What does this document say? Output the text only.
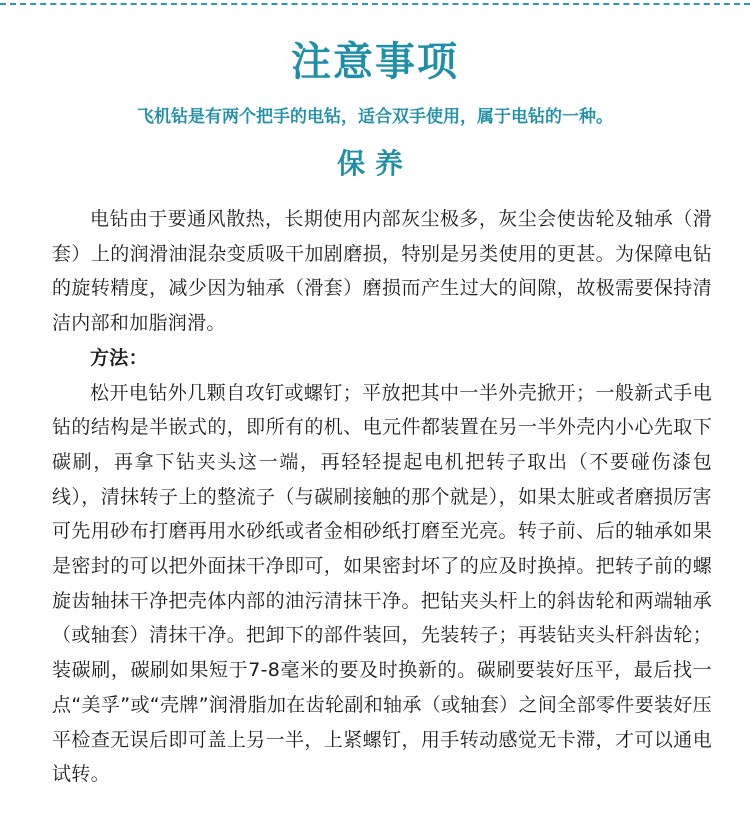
注意事项
飞机钻是有两个把手的电钻，适合双手使用，属于电钻的一种。
保养

电钻由于要通风散热，长期使用内部灰尘极多，灰尘会使齿轮及轴承（滑套）上的润滑油混杂变质吸干加剧磨损，特别是另类使用的更甚。为保障电钻的旋转精度，减少因为轴承（滑套）磨损而产生过大的间隙，故极需要保持清洁内部和加脂润滑。

方法：

松开电钻外几颗自攻钉或螺钉；平放把其中一半外壳掀开；一般新式手电钻的结构是半嵌式的，即所有的机、电元件都装置在另一半外壳内小心先取下碳刷，再拿下钻夹头这一端，再轻轻提起电机把转子取出（不要碰伤漆包线），清抹转子上的整流子（与碳刷接触的那个就是），如果太脏或者磨损厉害可先用砂布打磨再用水砂纸或者金相砂纸打磨至光亮。转子前、后的轴承如果是密封的可以把外面抹干净即可，如果密封坏了的应及时换掉。把转子前的螺旋齿轴抹干净把壳体内部的油污清抹干净。把钻夹头杆上的斜齿轮和两端轴承（或轴套）清抹干净。把卸下的部件装回，先装转子；再装钻夹头杆斜齿轮；装碳刷，碳刷如果短于7-8毫米的要及时换新的。碳刷要装好压平，最后找一点“美孚”或“壳牌”润滑脂加在齿轮副和轴承（或轴套）之间全部零件要装好压平检查无误后即可盖上另一半，上紧螺钉，用手转动感觉无卡滞，才可以通电试转。
